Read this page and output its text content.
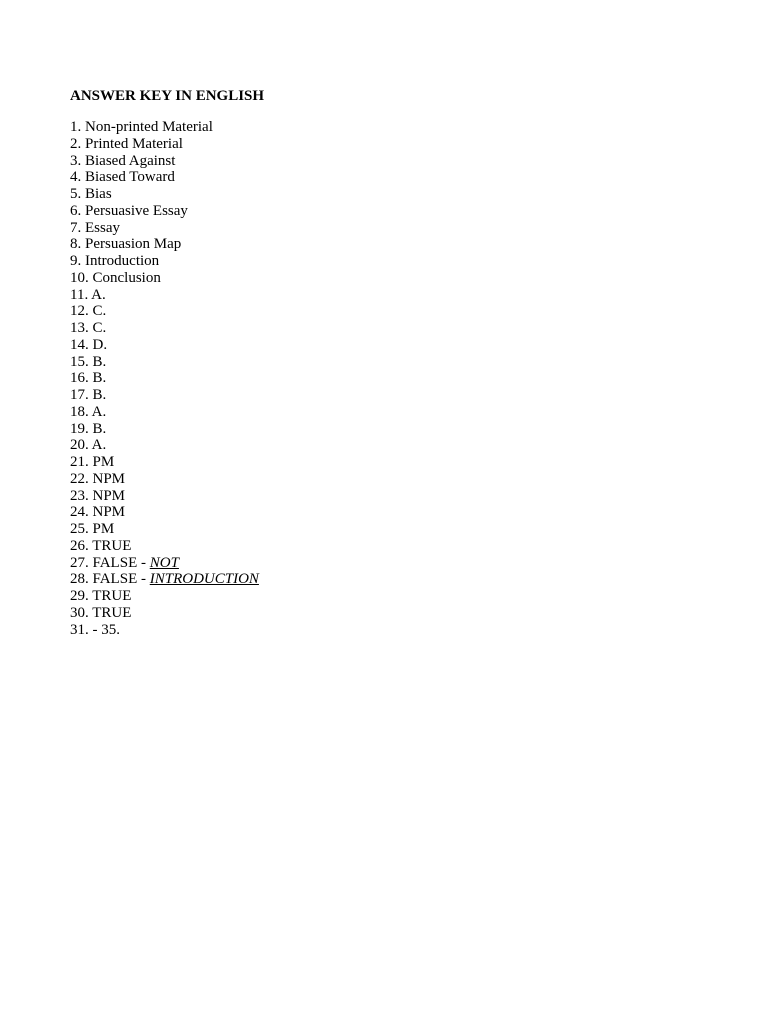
ANSWER KEY IN ENGLISH
1. Non-printed Material
2. Printed Material
3. Biased Against
4. Biased Toward
5. Bias
6. Persuasive Essay
7. Essay
8. Persuasion Map
9. Introduction
10. Conclusion
11. A.
12. C.
13. C.
14. D.
15. B.
16. B.
17. B.
18. A.
19. B.
20. A.
21. PM
22. NPM
23. NPM
24. NPM
25. PM
26. TRUE
27. FALSE - NOT
28. FALSE - INTRODUCTION
29. TRUE
30. TRUE
31. - 35.
